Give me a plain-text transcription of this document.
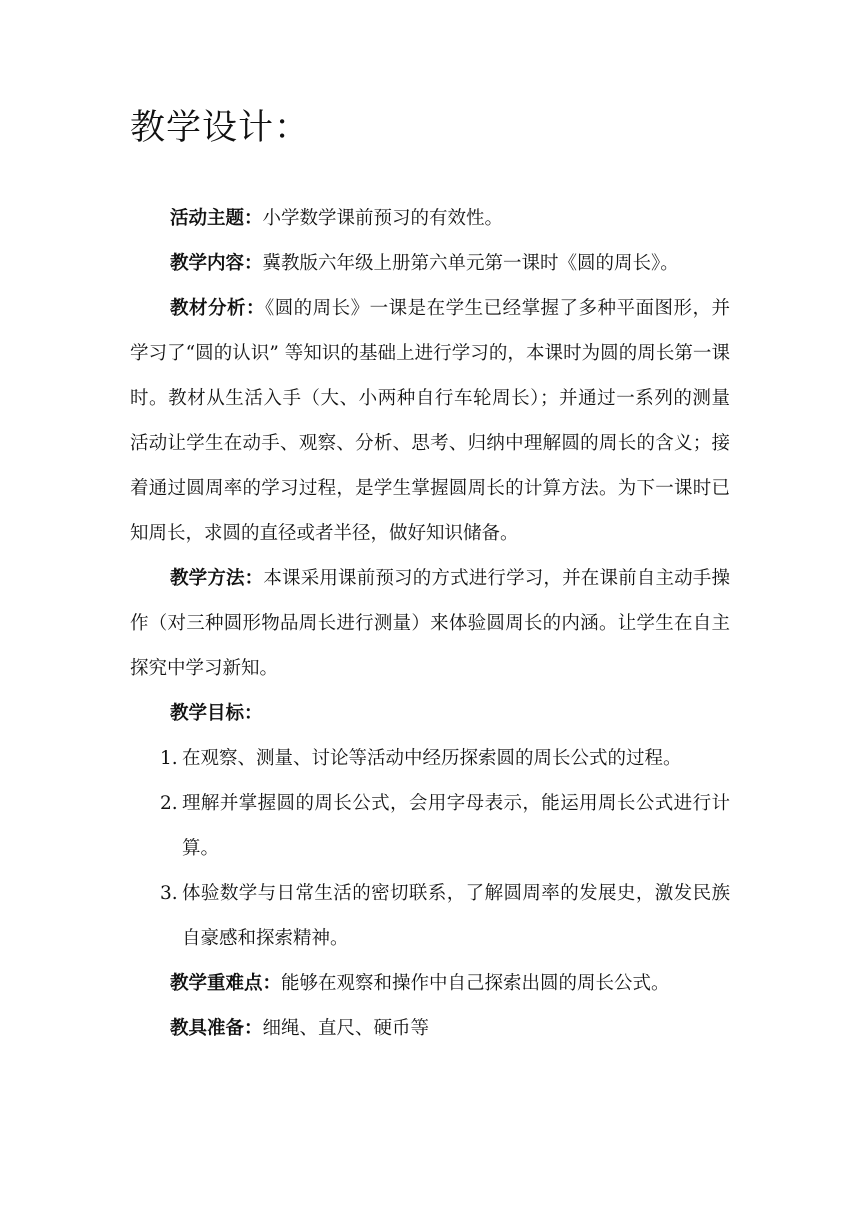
教学设计：

活动主题：小学数学课前预习的有效性。

教学内容：冀教版六年级上册第六单元第一课时《圆的周长》。

教材分析：《圆的周长》一课是在学生已经掌握了多种平面图形，并学习了“圆的认识” 等知识的基础上进行学习的，本课时为圆的周长第一课时。教材从生活入手（大、小两种自行车轮周长）；并通过一系列的测量活动让学生在动手、观察、分析、思考、归纳中理解圆的周长的含义；接着通过圆周率的学习过程，是学生掌握圆周长的计算方法。为下一课时已知周长，求圆的直径或者半径，做好知识储备。

教学方法：本课采用课前预习的方式进行学习，并在课前自主动手操作（对三种圆形物品周长进行测量）来体验圆周长的内涵。让学生在自主探究中学习新知。

教学目标：

1. 在观察、测量、讨论等活动中经历探索圆的周长公式的过程。
2. 理解并掌握圆的周长公式，会用字母表示，能运用周长公式进行计算。
3. 体验数学与日常生活的密切联系，了解圆周率的发展史，激发民族自豪感和探索精神。

教学重难点：能够在观察和操作中自己探索出圆的周长公式。

教具准备：细绳、直尺、硬币等
